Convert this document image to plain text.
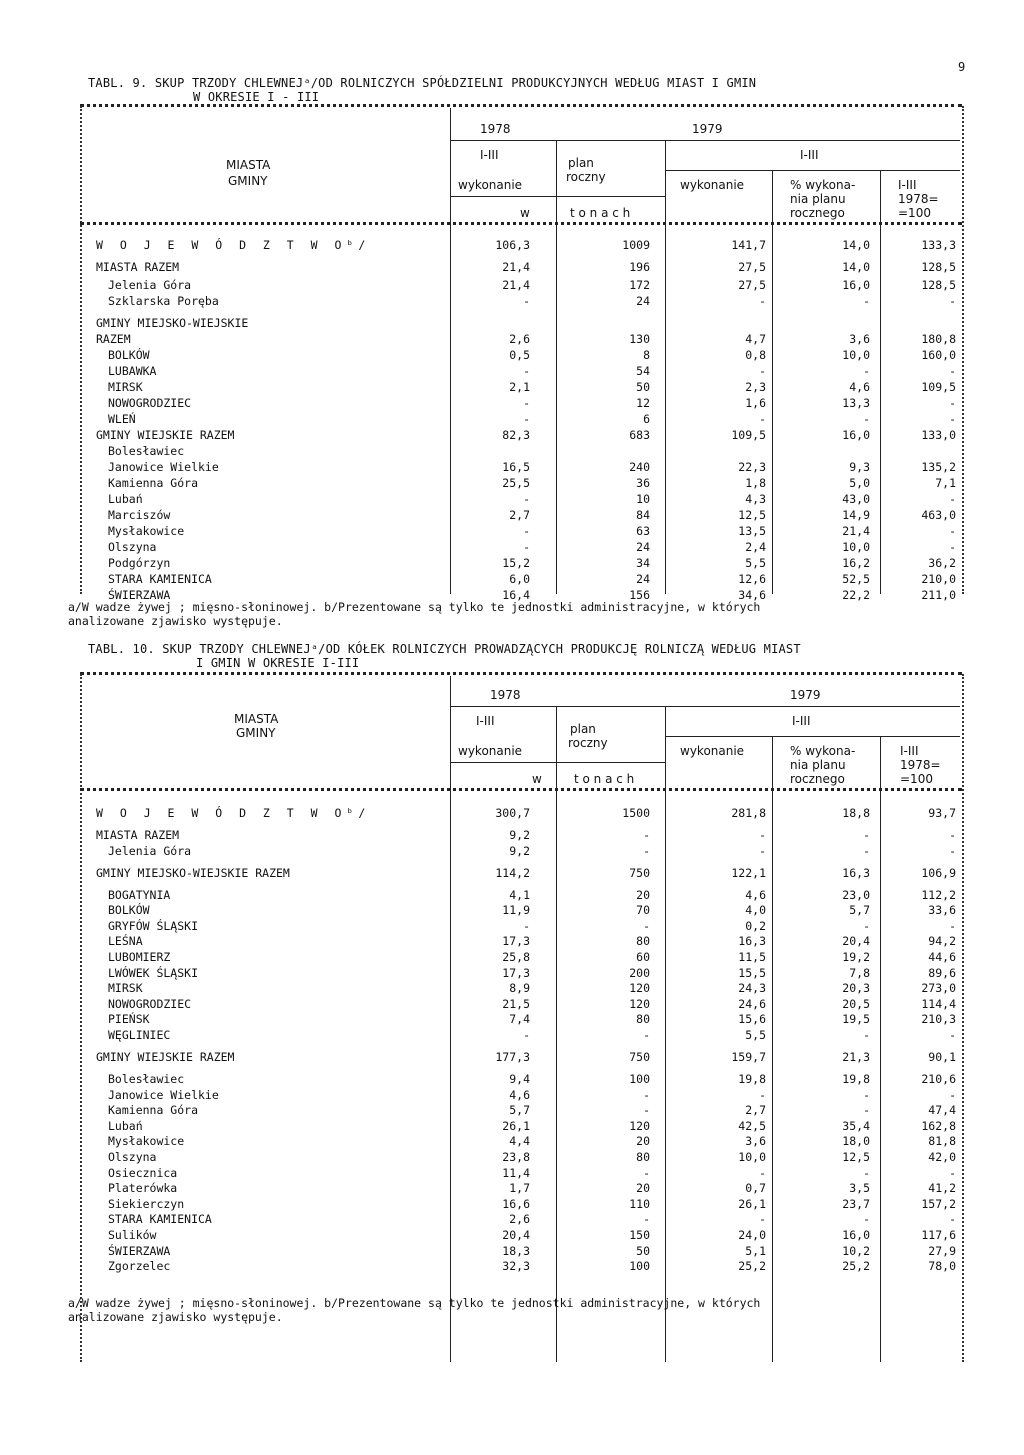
9
TABL. 9. SKUP TRZODY CHLEWNEJᵃ/OD ROLNICZYCH SPÓŁDZIELNI PRODUKCYJNYCH WEDŁUG MIAST I GMIN
W OKRESIE I - III
MIASTA
GMINY
1978	1979
I-III
wykonanie
plan
roczny
I-III
wykonanie	% wykona-
nia planu
rocznego
I-III
1978=
=100
w	t o n a c h
W O J E W Ó D Z T W Oᵇ/	106,3	1009	141,7	14,0	133,3
MIASTA RAZEM	21,4	196	27,5	14,0	128,5
Jelenia Góra	21,4	172	27,5	16,0	128,5
Szklarska Poręba	-	24	-	-	-
GMINY MIEJSKO-WIEJSKIE
RAZEM	2,6	130	4,7	3,6	180,8
BOLKÓW	0,5	8	0,8	10,0	160,0
LUBAWKA	-	54	-	-	-
MIRSK	2,1	50	2,3	4,6	109,5
NOWOGRODZIEC	-	12	1,6	13,3	-
WLEŃ	-	6	-	-	-
GMINY WIEJSKIE RAZEM	82,3	683	109,5	16,0	133,0
Bolesławiec
Janowice Wielkie	16,5	240	22,3	9,3	135,2
Kamienna Góra	25,5	36	1,8	5,0	7,1
Lubań	-	10	4,3	43,0	-
Marciszów	2,7	84	12,5	14,9	463,0
Mysłakowice	-	63	13,5	21,4	-
Olszyna	-	24	2,4	10,0	-
Podgórzyn	15,2	34	5,5	16,2	36,2
STARA KAMIENICA	6,0	24	12,6	52,5	210,0
ŚWIERZAWA	16,4	156	34,6	22,2	211,0
a/W wadze żywej ; mięsno-słoninowej. b/Prezentowane są tylko te jednostki administracyjne, w których
analizowane zjawisko występuje.
TABL. 10. SKUP TRZODY CHLEWNEJᵃ/OD KÓŁEK ROLNICZYCH PROWADZĄCYCH PRODUKCJĘ ROLNICZĄ WEDŁUG MIAST
I GMIN W OKRESIE I-III
MIASTA
GMINY
1978	1979
I-III
wykonanie
plan
roczny
I-III
wykonanie	% wykona-
nia planu
rocznego
I-III
1978=
=100
w	t o n a c h
W O J E W Ó D Z T W Oᵇ/	300,7	1500	281,8	18,8	93,7
MIASTA RAZEM	9,2	-	-	-	-
Jelenia Góra	9,2	-	-	-	-
GMINY MIEJSKO-WIEJSKIE RAZEM	114,2	750	122,1	16,3	106,9
BOGATYNIA	4,1	20	4,6	23,0	112,2
BOLKÓW	11,9	70	4,0	5,7	33,6
GRYFÓW ŚLĄSKI	-	-	0,2	-	-
LEŚNA	17,3	80	16,3	20,4	94,2
LUBOMIERZ	25,8	60	11,5	19,2	44,6
LWÓWEK ŚLĄSKI	17,3	200	15,5	7,8	89,6
MIRSK	8,9	120	24,3	20,3	273,0
NOWOGRODZIEC	21,5	120	24,6	20,5	114,4
PIEŃSK	7,4	80	15,6	19,5	210,3
WĘGLINIEC	-	-	5,5	-	-
GMINY WIEJSKIE RAZEM	177,3	750	159,7	21,3	90,1
Bolesławiec	9,4	100	19,8	19,8	210,6
Janowice Wielkie	4,6	-	-	-	-
Kamienna Góra	5,7	-	2,7	-	47,4
Lubań	26,1	120	42,5	35,4	162,8
Mysłakowice	4,4	20	3,6	18,0	81,8
Olszyna	23,8	80	10,0	12,5	42,0
Osiecznica	11,4	-	-	-	-
Platerówka	1,7	20	0,7	3,5	41,2
Siekierczyn	16,6	110	26,1	23,7	157,2
STARA KAMIENICA	2,6	-	-	-	-
Sulików	20,4	150	24,0	16,0	117,6
ŚWIERZAWA	18,3	50	5,1	10,2	27,9
Zgorzelec	32,3	100	25,2	25,2	78,0
a/W wadze żywej ; mięsno-słoninowej. b/Prezentowane są tylko te jednostki administracyjne, w których
analizowane zjawisko występuje.
